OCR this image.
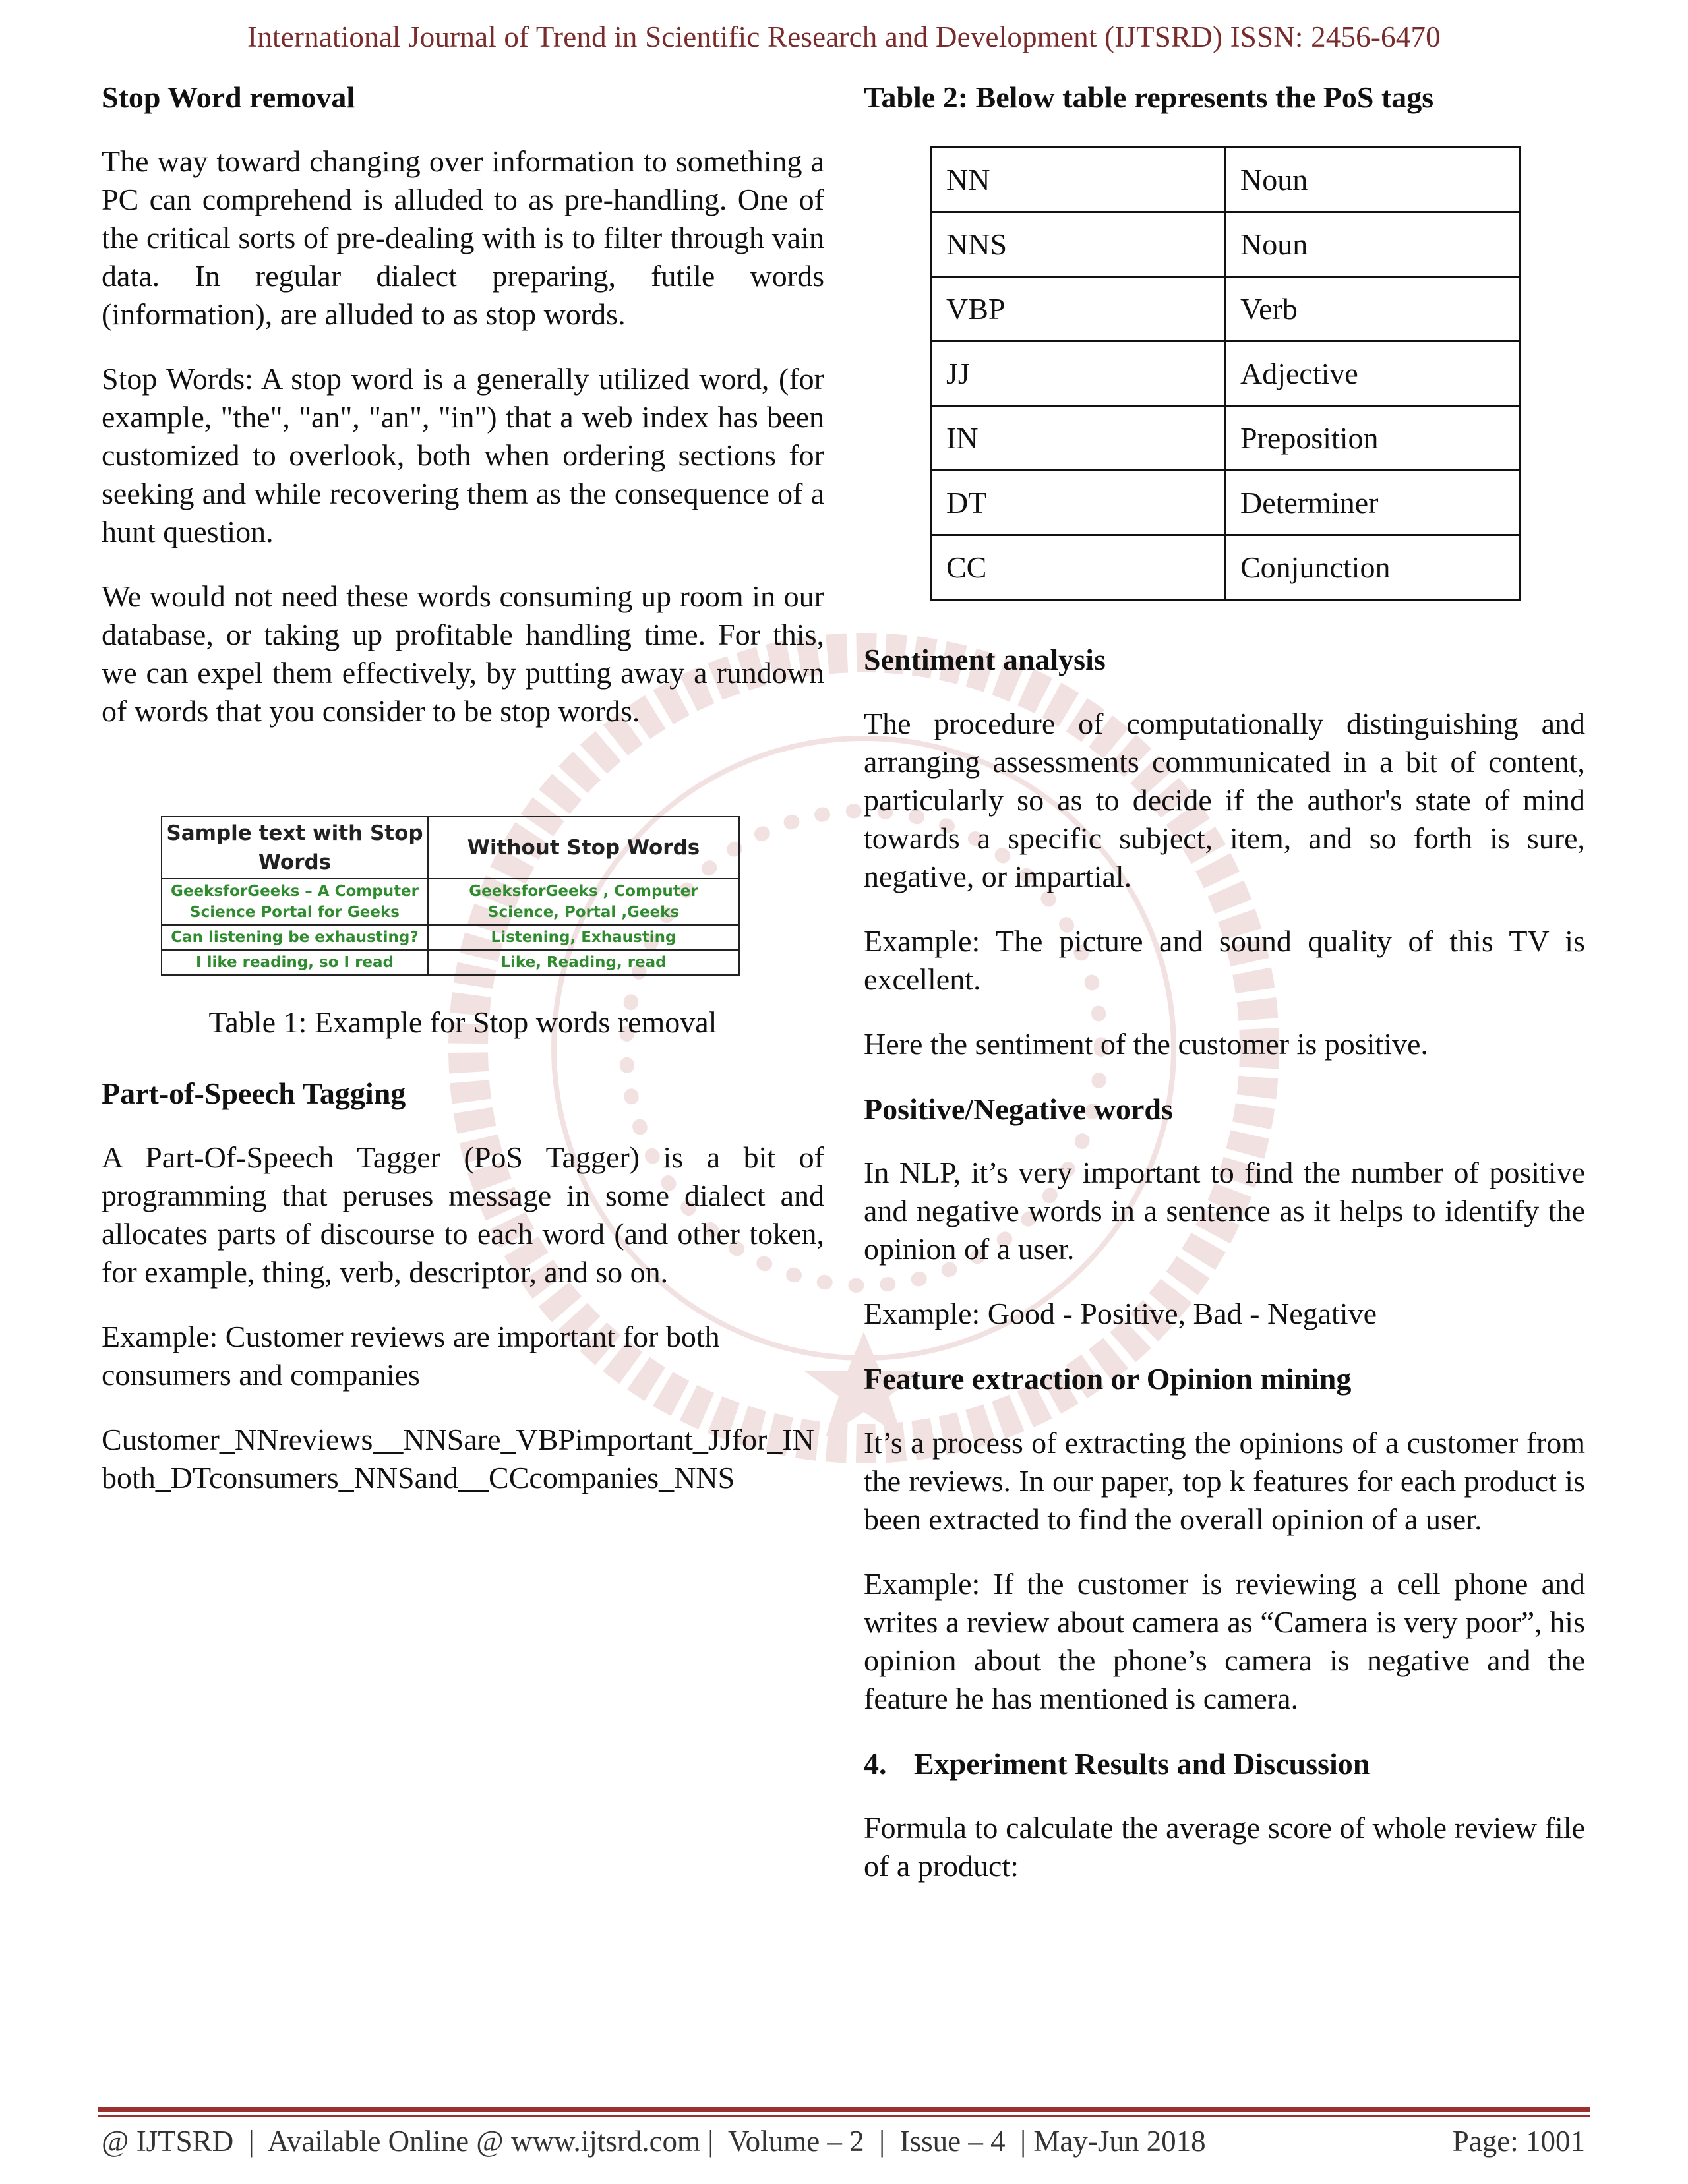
International Journal of Trend in Scientific Research and Development (IJTSRD) ISSN: 2456-6470
Stop Word removal

The way toward changing over information to something a PC can comprehend is alluded to as pre-handling. One of the critical sorts of pre-dealing with is to filter through vain data. In regular dialect preparing, futile words (information), are alluded to as stop words.

Stop Words: A stop word is a generally utilized word, (for example, "the", "an", "an", "in") that a web index has been customized to overlook, both when ordering sections for seeking and while recovering them as the consequence of a hunt question.

We would not need these words consuming up room in our database, or taking up profitable handling time. For this, we can expel them effectively, by putting away a rundown of words that you consider to be stop words.

Sample text with Stop Words	Without Stop Words
GeeksforGeeks – A Computer Science Portal for Geeks	GeeksforGeeks , Computer Science, Portal ,Geeks
Can listening be exhausting?	Listening, Exhausting
I like reading, so I read	Like, Reading, read
Table 1: Example for Stop words removal
Part-of-Speech Tagging

A Part-Of-Speech Tagger (PoS Tagger) is a bit of programming that peruses message in some dialect and allocates parts of discourse to each word (and other token, for example, thing, verb, descriptor, and so on.

Example: Customer reviews are important for both consumers and companies

Customer_NNreviews__NNSare_VBPimportant_JJfor_INboth_DTconsumers_NNSand__CCcompanies_NNS

Table 2: Below table represents the PoS tags
NN	Noun
NNS	Noun
VBP	Verb
JJ	Adjective
IN	Preposition
DT	Determiner
CC	Conjunction
Sentiment analysis

The procedure of computationally distinguishing and arranging assessments communicated in a bit of content, particularly so as to decide if the author's state of mind towards a specific subject, item, and so forth is sure, negative, or impartial.

Example: The picture and sound quality of this TV is excellent.

Here the sentiment of the customer is positive.

Positive/Negative words

In NLP, it’s very important to find the number of positive and negative words in a sentence as it helps to identify the opinion of a user.

Example: Good - Positive, Bad - Negative

Feature extraction or Opinion mining

It’s a process of extracting the opinions of a customer from the reviews. In our paper, top k features for each product is been extracted to find the overall opinion of a user.

Example: If the customer is reviewing a cell phone and writes a review about camera as “Camera is very poor”, his opinion about the phone’s camera is negative and the feature he has mentioned is camera.

4. Experiment Results and Discussion

Formula to calculate the average score of whole review file of a product:

@ IJTSRD  |  Available Online @ www.ijtsrd.com |  Volume – 2  |  Issue – 4  | May-Jun 2018	Page: 1001
